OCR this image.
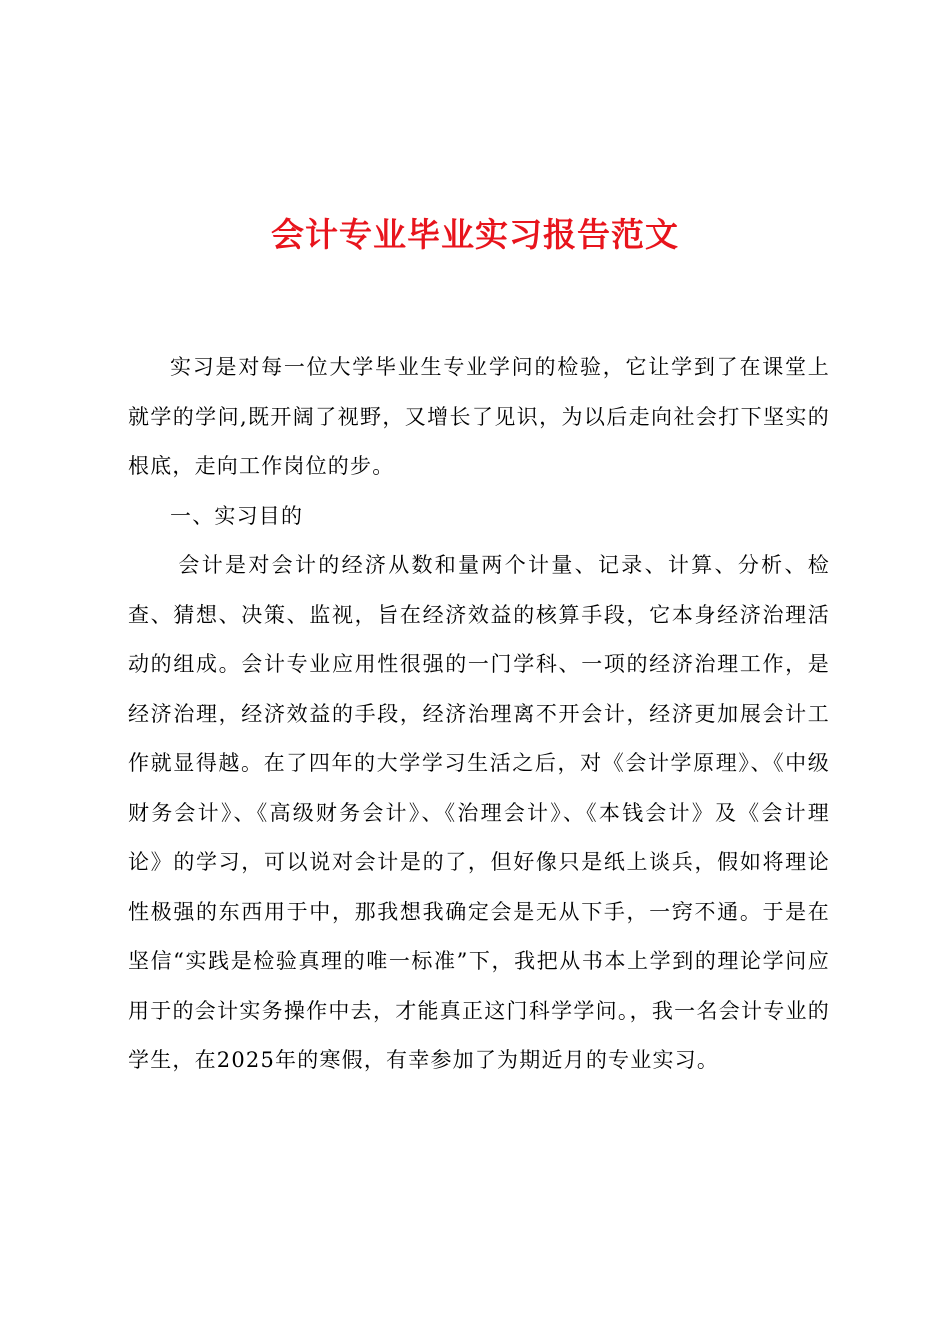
会计专业毕业实习报告范文

实习是对每一位大学毕业生专业学问的检验，它让学到了在课堂上就学的学问,既开阔了视野，又增长了见识，为以后走向社会打下坚实的根底，走向工作岗位的步。

一、实习目的

会计是对会计的经济从数和量两个计量、记录、计算、分析、检查、猜想、决策、监视，旨在经济效益的核算手段，它本身经济治理活动的组成。会计专业应用性很强的一门学科、一项的经济治理工作，是经济治理，经济效益的手段，经济治理离不开会计，经济更加展会计工作就显得越。在了四年的大学学习生活之后，对《会计学原理》、《中级财务会计》、《高级财务会计》、《治理会计》、《本钱会计》及《会计理论》的学习，可以说对会计是的了，但好像只是纸上谈兵，假如将理论性极强的东西用于中，那我想我确定会是无从下手，一窍不通。于是在坚信“实践是检验真理的唯一标准”下，我把从书本上学到的理论学问应用于的会计实务操作中去，才能真正这门科学学问。，我一名会计专业的学生，在2025年的寒假，有幸参加了为期近月的专业实习。
